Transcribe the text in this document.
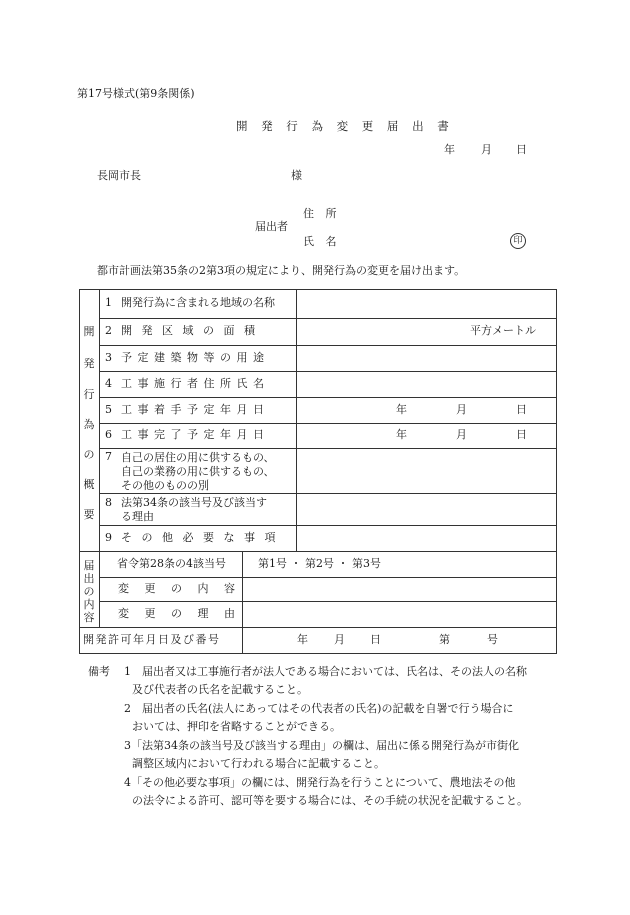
第17号様式(第9条関係)
開 発 行 為 変 更 届 出 書
年 月 日
長岡市長	様
届出者
住 所
氏 名	印
都市計画法第35条の2第3項の規定により、開発行為の変更を届け出ます。
開
発
行
為
の
概
要
1 開発行為に含まれる地域の名称
2 開 発 区 域 の 面 積	平方メートル
3 予 定 建 築 物 等 の 用 途
4 工 事 施 行 者 住 所 氏 名
5 工 事 着 手 予 定 年 月 日	年	月	日
6 工 事 完 了 予 定 年 月 日	年	月	日
7 自己の居住の用に供するもの、
自己の業務の用に供するもの、
その他のものの別
8 法第34条の該当号及び該当す
る理由
9 そ の 他 必 要 な 事 項
届
出
の
内
容
省令第28条の4該当号	第1号 ・ 第2号 ・ 第3号
変 更 の 内 容
変 更 の 理 由
開発許可年月日及び番号	年 月 日	第	号
備考 1　届出者又は工事施行者が法人である場合においては、氏名は、その法人の名称
及び代表者の氏名を記載すること。
2　届出者の氏名(法人にあってはその代表者の氏名)の記載を自署で行う場合に
おいては、押印を省略することができる。
3「法第34条の該当号及び該当する理由」の欄は、届出に係る開発行為が市街化
調整区域内において行われる場合に記載すること。
4「その他必要な事項」の欄には、開発行為を行うことについて、農地法その他
の法令による許可、認可等を要する場合には、その手続の状況を記載すること。
